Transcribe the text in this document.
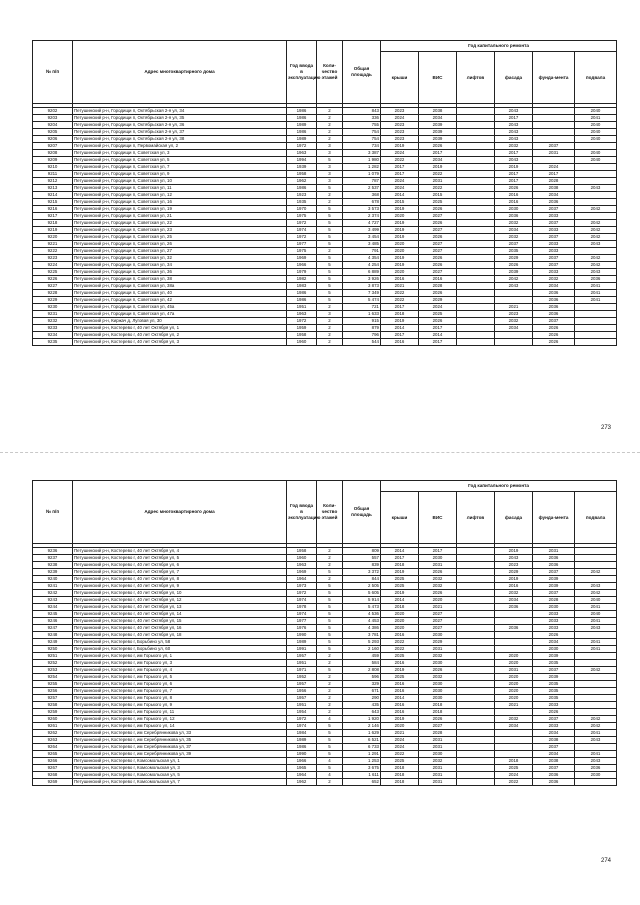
№ п/п	Адрес многоквартирного дома	Год ввода в эксплуатацию	Коли-чество этажей	Общая площадь	Год капитального ремонта					
					крыши	ВИС	лифтов	фасада	фунда-мента	подвала

9202	Петушинский р-н, Городищи п, Октябрьская 2-я ул, 34	1986	2	843	2023	2038		2043		2040
9203	Петушинский р-н, Городищи п, Октябрьская 2-я ул, 35	1986	2	336	2024	2034		2017		2041
9204	Петушинский р-н, Городищи п, Октябрьская 2-я ул, 36	1989	2	755	2023	2039		2043		2040
9205	Петушинский р-н, Городищи п, Октябрьская 2-я ул, 37	1986	2	754	2023	2039		2043		2040
9206	Петушинский р-н, Городищи п, Октябрьская 2-я ул, 38	1989	2	754	2023	2039		2043		2040
9207	Петушинский р-н, Городищи п, Первомайская ул, 2	1972	3	734	2019	2026		2032	2037	
9208	Петушинский р-н, Городищи п, Советская ул, 3	1963	3	3 387	2024	2017		2017	2031	2040
9209	Петушинский р-н, Городищи п, Советская ул, 5	1994	5	1 980	2022	2034		2043		2040
9210	Петушинский р-н, Городищи п, Советская ул, 7	1939	3	1 282	2017	2019		2019	2024	
9211	Петушинский р-н, Городищи п, Советская ул, 9	1958	3	1 079	2017	2022		2017	2017	
9212	Петушинский р-н, Городищи п, Советская ул, 10	1962	3	787	2024	2031		2017	2028	
9213	Петушинский р-н, Городищи п, Советская ул, 11	1986	5	2 537	2024	2022		2026	2038	2043
9214	Петушинский р-н, Городищи п, Советская ул, 12	1923	2	368	2014	2015		2016	2034	
9215	Петушинский р-н, Городищи п, Советская ул, 16	1935	2	678	2015	2025		2016	2036	
9216	Петушинский р-н, Городищи п, Советская ул, 19	1970	5	3 573	2019	2026		2030	2037	2042
9217	Петушинский р-н, Городищи п, Советская ул, 21	1975	5	2 374	2020	2027		2036	2033	
9218	Петушинский р-н, Городищи п, Советская ул, 22	1972	5	4 727	2019	2026		2032	2037	2042
9219	Петушинский р-н, Городищи п, Советская ул, 23	1974	5	3 499	2019	2027		2034	2033	2042
9220	Петушинский р-н, Городищи п, Советская ул, 25	1972	5	3 454	2019	2026		2032	2037	2042
9221	Петушинский р-н, Городищи п, Советская ул, 26	1977	5	3 485	2020	2027		2037	2033	2043
9222	Петушинский р-н, Городищи п, Советская ул, 27	1975	2	791	2020	2027		2035	2033	
9223	Петушинский р-н, Городищи п, Советская ул, 32	1969	5	4 354	2019	2026		2029	2037	2042
9224	Петушинский р-н, Городищи п, Советская ул, 34	1966	5	4 254	2019	2026		2026	2037	2042
9225	Петушинский р-н, Городищи п, Советская ул, 36	1979	5	6 889	2020	2027		2039	2033	2043
9226	Петушинский р-н, Городищи п, Советская ул, 38	1982	5	3 926	2016	2016		2042	2032	2036
9227	Петушинский р-н, Городищи п, Советская ул, 38а	1983	5	3 873	2021	2028		2043	2034	2041
9228	Петушинский р-н, Городищи п, Советская ул, 40	1986	5	7 349	2022	2026			2036	2041
9229	Петушинский р-н, Городищи п, Советская ул, 42	1986	5	5 474	2022	2029			2036	2041
9230	Петушинский р-н, Городищи п, Советская ул, 45а	1951	2	721	2017	2024		2021	2036	
9231	Петушинский р-н, Городищи п, Советская ул, 47а	1963	3	1 633	2018	2025		2023	2036	
9232	Петушинский р-н, Киржач д, Луговая ул, 30	1972	2	915	2019	2026		2032	2037	
9233	Петушинский р-н, Костерево г, 40 лет Октября ул, 1	1959	2	879	2014	2017		2034	2026	
9234	Петушинский р-н, Костерево г, 40 лет Октября ул, 2	1958	2	796	2017	2014			2026	
9235	Петушинский р-н, Костерево г, 40 лет Октября ул, 3	1960	2	544	2016	2017			2026	
273
№ п/п	Адрес многоквартирного дома	Год ввода в эксплуатацию	Коли-чество этажей	Общая площадь	Год капитального ремонта					
					крыши	ВИС	лифтов	фасада	фунда-мента	подвала

9236	Петушинский р-н, Костерево г, 40 лет Октября ул, 4	1958	2	809	2014	2017		2019	2031	
9237	Петушинский р-н, Костерево г, 40 лет Октября ул, 5	1960	2	557	2017	2030		2043	2036	
9238	Петушинский р-н, Костерево г, 40 лет Октября ул, 6	1963	2	839	2018	2031		2023	2036	
9239	Петушинский р-н, Костерево г, 40 лет Октября ул, 7	1969	5	3 372	2019	2026		2029	2037	2042
9240	Петушинский р-н, Костерево г, 40 лет Октября ул, 8	1964	2	844	2025	2032		2019	2039	
9241	Петушинский р-н, Костерево г, 40 лет Октября ул, 9	1973	5	2 505	2025	2032		2016	2039	2043
9242	Петушинский р-н, Костерево г, 40 лет Октября ул, 10	1972	5	5 605	2019	2026		2032	2037	2042
9243	Петушинский р-н, Костерево г, 40 лет Октября ул, 12	1974	5	5 914	2014	2020		2034	2028	2040
9244	Петушинский р-н, Костерево г, 40 лет Октября ул, 13	1978	5	5 473	2018	2021		2036	2030	2041
9245	Петушинский р-н, Костерево г, 40 лет Октября ул, 14	1974	5	4 536	2020	2027			2033	2040
9246	Петушинский р-н, Костерево г, 40 лет Октября ул, 15	1977	5	4 453	2020	2027			2033	2041
9247	Петушинский р-н, Костерево г, 40 лет Октября ул, 16	1976	5	4 386	2020	2027		2036	2033	2043
9248	Петушинский р-н, Костерево г, 40 лет Октября ул, 18	1990	5	3 781	2016	2030			2026	
9249	Петушинский р-н, Костерево г, Борьбино ул, 58	1989	5	5 293	2022	2029			2034	2041
9250	Петушинский р-н, Костерево г, Борьбино ул, 60	1991	5	2 160	2022	2031			2030	2041
9251	Петушинский р-н, Костерево г, им Горького ул, 1	1957	2	459	2025	2032		2020	2039	
9252	Петушинский р-н, Костерево г, им Горького ул, 3	1951	2	584	2016	2030		2020	2035	
9253	Петушинский р-н, Костерево г, им Горького ул, 4	1971	5	2 808	2019	2026		2031	2037	2042
9254	Петушинский р-н, Костерево г, им Горького ул, 5	1952	2	596	2025	2032		2020	2039	
9255	Петушинский р-н, Костерево г, им Горького ул, 6	1957	2	329	2016	2030		2020	2035	
9256	Петушинский р-н, Костерево г, им Горького ул, 7	1956	2	671	2016	2030		2020	2035	
9257	Петушинский р-н, Костерево г, им Горького ул, 8	1957	2	290	2014	2030		2020	2035	
9258	Петушинский р-н, Костерево г, им Горького ул, 9	1951	2	435	2016	2018		2021	2033	
9259	Петушинский р-н, Костерево г, им Горького ул, 11	1954	2	643	2016	2018			2026	
9260	Петушинский р-н, Костерево г, им Горького ул, 12	1972	4	1 920	2019	2026		2032	2037	2042
9261	Петушинский р-н, Костерево г, им Горького ул, 14	1974	5	2 146	2020	2027		2034	2033	2042
9262	Петушинский р-н, Костерево г, им Серебрянникова ул, 33	1984	5	1 629	2021	2028			2034	2041
9263	Петушинский р-н, Костерево г, им Серебрянникова ул, 35	1989	5	6 521	2024	2031			2038	2043
9264	Петушинский р-н, Костерево г, им Серебрянникова ул, 37	1986	5	6 733	2024	2031			2037	
9265	Петушинский р-н, Костерево г, им Серебрянникова ул, 39	1990	5	1 291	2022	2030			2034	2041
9266	Петушинский р-н, Костерево г, Комсомольская ул, 1	1966	4	1 253	2025	2032		2018	2038	2043
9267	Петушинский р-н, Костерево г, Комсомольская ул, 3	1965	5	3 675	2018	2031		2025	2037	2036
9268	Петушинский р-н, Костерево г, Комсомольская ул, 5	1964	4	1 611	2018	2031		2024	2036	2030
9269	Петушинский р-н, Костерево г, Комсомольская ул, 7	1962	2	652	2018	2031		2022	2036	
274
